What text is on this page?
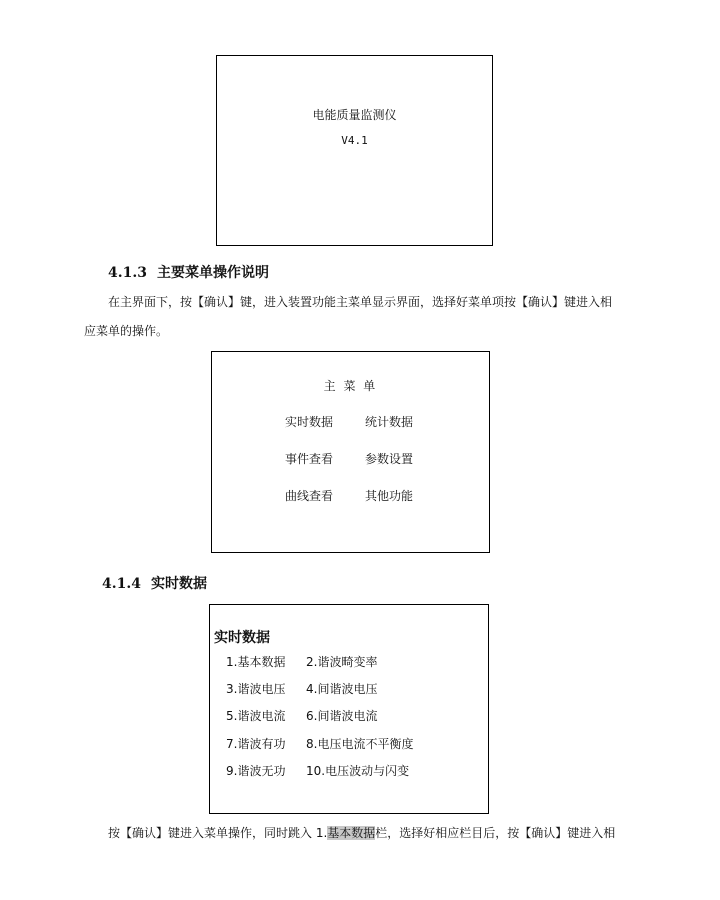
电能质量监测仪
V4.1
4.1.3 主要菜单操作说明
在主界面下，按【确认】键，进入装置功能主菜单显示界面，选择好菜单项按【确认】键进入相
应菜单的操作。
主 菜 单
实时数据	统计数据
事件查看	参数设置
曲线查看	其他功能
4.1.4 实时数据
实时数据
1.基本数据 2.谐波畸变率
3.谐波电压 4.间谐波电压
5.谐波电流 6.间谐波电流
7.谐波有功 8.电压电流不平衡度
9.谐波无功 10.电压波动与闪变
按【确认】键进入菜单操作，同时跳入 1.基本数据栏，选择好相应栏目后，按【确认】键进入相
